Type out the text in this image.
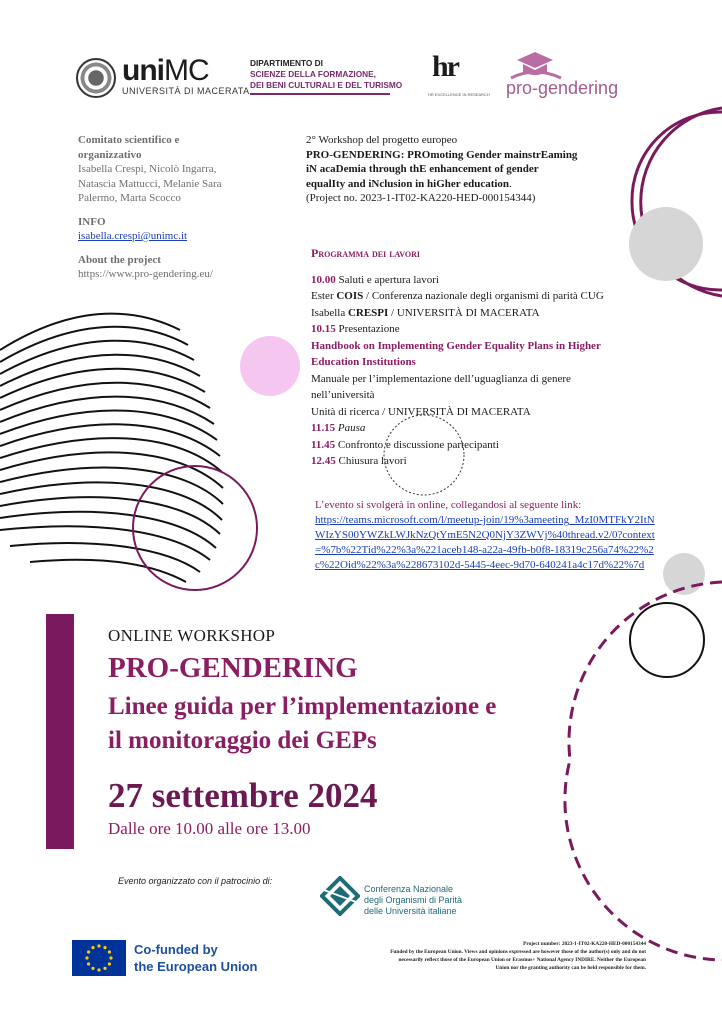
uniMC
UNIVERSITÀ DI MACERATA
DIPARTIMENTO DI
SCIENZE DELLA FORMAZIONE,
DEI BENI CULTURALI E DEL TURISMO
hr
HR EXCELLENCE IN RESEARCH pro-gendering
Comitato scientifico e
organizzativo
Isabella Crespi, Nicolò Ingarra,
Natascia Mattucci, Melanie Sara
Palermo, Marta Scocco
INFO
isabella.crespi@unimc.it
About the project
https://www.pro-gendering.eu/
2° Workshop del progetto europeo
PRO-GENDERING: PROmoting Gender mainstrEaming
iN acaDemia through thE enhancement of gender
equalIty and iNclusion in hiGher education.
(Project no. 2023-1-IT02-KA220-HED-000154344)
Programma dei lavori
10.00 Saluti e apertura lavori
Ester COIS / Conferenza nazionale degli organismi di parità CUG
Isabella CRESPI / UNIVERSITÀ DI MACERATA
10.15 Presentazione
Handbook on Implementing Gender Equality Plans in Higher
Education Institutions
Manuale per l’implementazione dell’uguaglianza di genere
nell’università
Unità di ricerca / UNIVERSITÀ DI MACERATA
11.15 Pausa
11.45 Confronto e discussione partecipanti
12.45 Chiusura lavori
L’evento si svolgerà in online, collegandosi al seguente link:
https://teams.microsoft.com/l/meetup-join/19%3ameeting_MzI0MTFkY2ItNWIzYS00YWZkLWJkNzQtYmE5N2Q0NjY3ZWVj%40thread.v2/0?context=%7b%22Tid%22%3a%221aceb148-a22a-49fb-b0f8-18319c256a74%22%2c%22Oid%22%3a%228673102d-5445-4eec-9d70-640241a4c17d%22%7d
ONLINE WORKSHOP
PRO-GENDERING
Linee guida per l’implementazione e
il monitoraggio dei GEPs
27 settembre 2024
Dalle ore 10.00 alle ore 13.00
Evento organizzato con il patrocinio di:
Conferenza Nazionale
degli Organismi di Parità
delle Università italiane
Co-funded by
the European Union
Project number: 2023-1-IT02-KA220-HED-000154344
Funded by the European Union. Views and opinions expressed are however those of the author(s) only and do not
necessarily reflect those of the European Union or Erasmus+ National Agency INDIRE. Neither the European
Union nor the granting authority can be held responsible for them.
